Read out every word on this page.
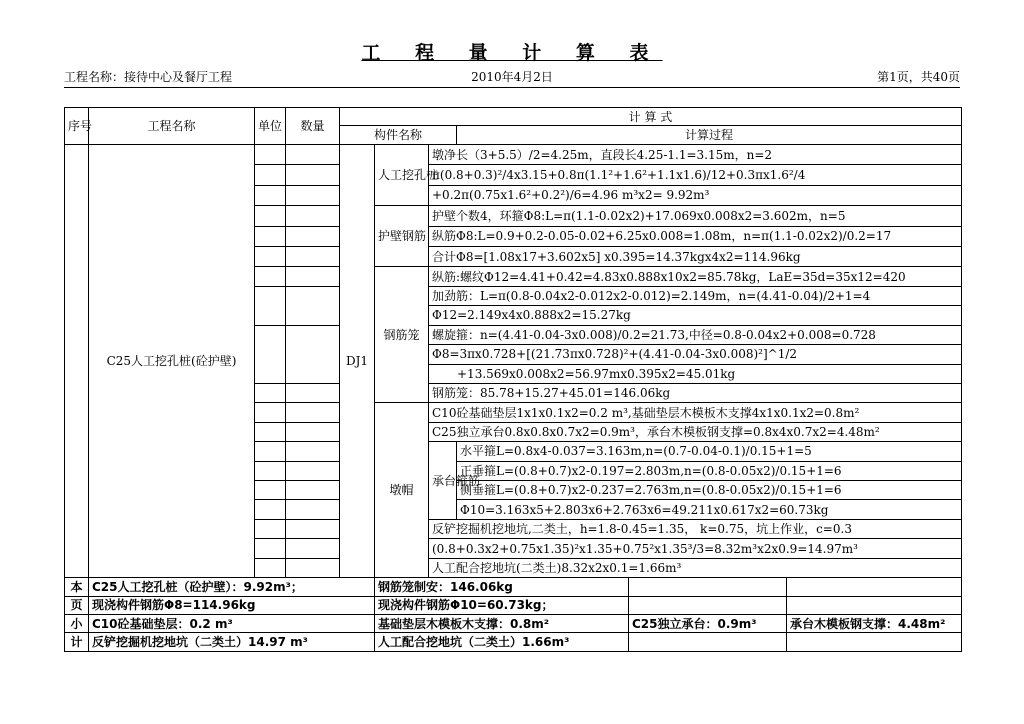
工 程 量 计 算 表
工程名称：接待中心及餐厅工程	2010年4月2日	第1页，共40页
序号	工程名称	单位	数量	计 算 式					
				构件名称			计算过程		
	C25人工挖孔桩(砼护壁)			DJ1	人工挖孔桩	墩净长（3+5.5）/2=4.25m，直段长4.25-1.1=3.15m，n=2			
						π(0.8+0.3)²/4x3.15+0.8π(1.1²+1.6²+1.1x1.6)/12+0.3πx1.6²/4			
						+0.2π(0.75x1.6²+0.2²)/6=4.96 m³x2= 9.92m³			
					护壁钢筋	护壁个数4，环箍Φ8:L=π(1.1-0.02x2)+17.069x0.008x2=3.602m，n=5			
						纵筋Φ8:L=0.9+0.2-0.05-0.02+6.25x0.008=1.08m，n=π(1.1-0.02x2)/0.2=17			
						合计Φ8=[1.08x17+3.602x5] x0.395=14.37kgx4x2=114.96kg			
					钢筋笼	纵筋:螺纹Φ12=4.41+0.42=4.83x0.888x10x2=85.78kg，LaE=35d=35x12=420			
						加劲筋：L=π(0.8-0.04x2-0.012x2-0.012)=2.149m，n=(4.41-0.04)/2+1=4			
						Φ12=2.149x4x0.888x2=15.27kg			
						螺旋箍：n=(4.41-0.04-3x0.008)/0.2=21.73,中径=0.8-0.04x2+0.008=0.728			
						Φ8=3πx0.728+[(21.73πx0.728)²+(4.41-0.04-3x0.008)²]^1/2			
						+13.569x0.008x2=56.97mx0.395x2=45.01kg			
						钢筋笼：85.78+15.27+45.01=146.06kg			
					墩帽	C10砼基础垫层1x1x0.1x2=0.2 m³,基础垫层木模板木支撑4x1x0.1x2=0.8m²			
						C25独立承台0.8x0.8x0.7x2=0.9m³，承台木模板钢支撑=0.8x4x0.7x2=4.48m²			
						承台箍筋	水平箍L=0.8x4-0.037=3.163m,n=(0.7-0.04-0.1)/0.15+1=5		
							正垂箍L=(0.8+0.7)x2-0.197=2.803m,n=(0.8-0.05x2)/0.15+1=6		
							侧垂箍L=(0.8+0.7)x2-0.237=2.763m,n=(0.8-0.05x2)/0.15+1=6		
							Φ10=3.163x5+2.803x6+2.763x6=49.211x0.617x2=60.73kg		
						反铲挖掘机挖地坑,二类土，h=1.8-0.45=1.35， k=0.75，坑上作业，c=0.3			
						(0.8+0.3x2+0.75x1.35)²x1.35+0.75²x1.35³/3=8.32m³x2x0.9=14.97m³			
						人工配合挖地坑(二类土)8.32x2x0.1=1.66m³			
本	C25人工挖孔桩（砼护壁）：9.92m³；				钢筋笼制安：146.06kg				
页	现浇构件钢筋Φ8=114.96kg				现浇构件钢筋Φ10=60.73kg；				
小	C10砼基础垫层：0.2 m³				基础垫层木模板木支撑：0.8m²			C25独立承台：0.9m³	承台木模板钢支撑：4.48m²
计	反铲挖掘机挖地坑（二类土）14.97 m³				人工配合挖地坑（二类土）1.66m³				
